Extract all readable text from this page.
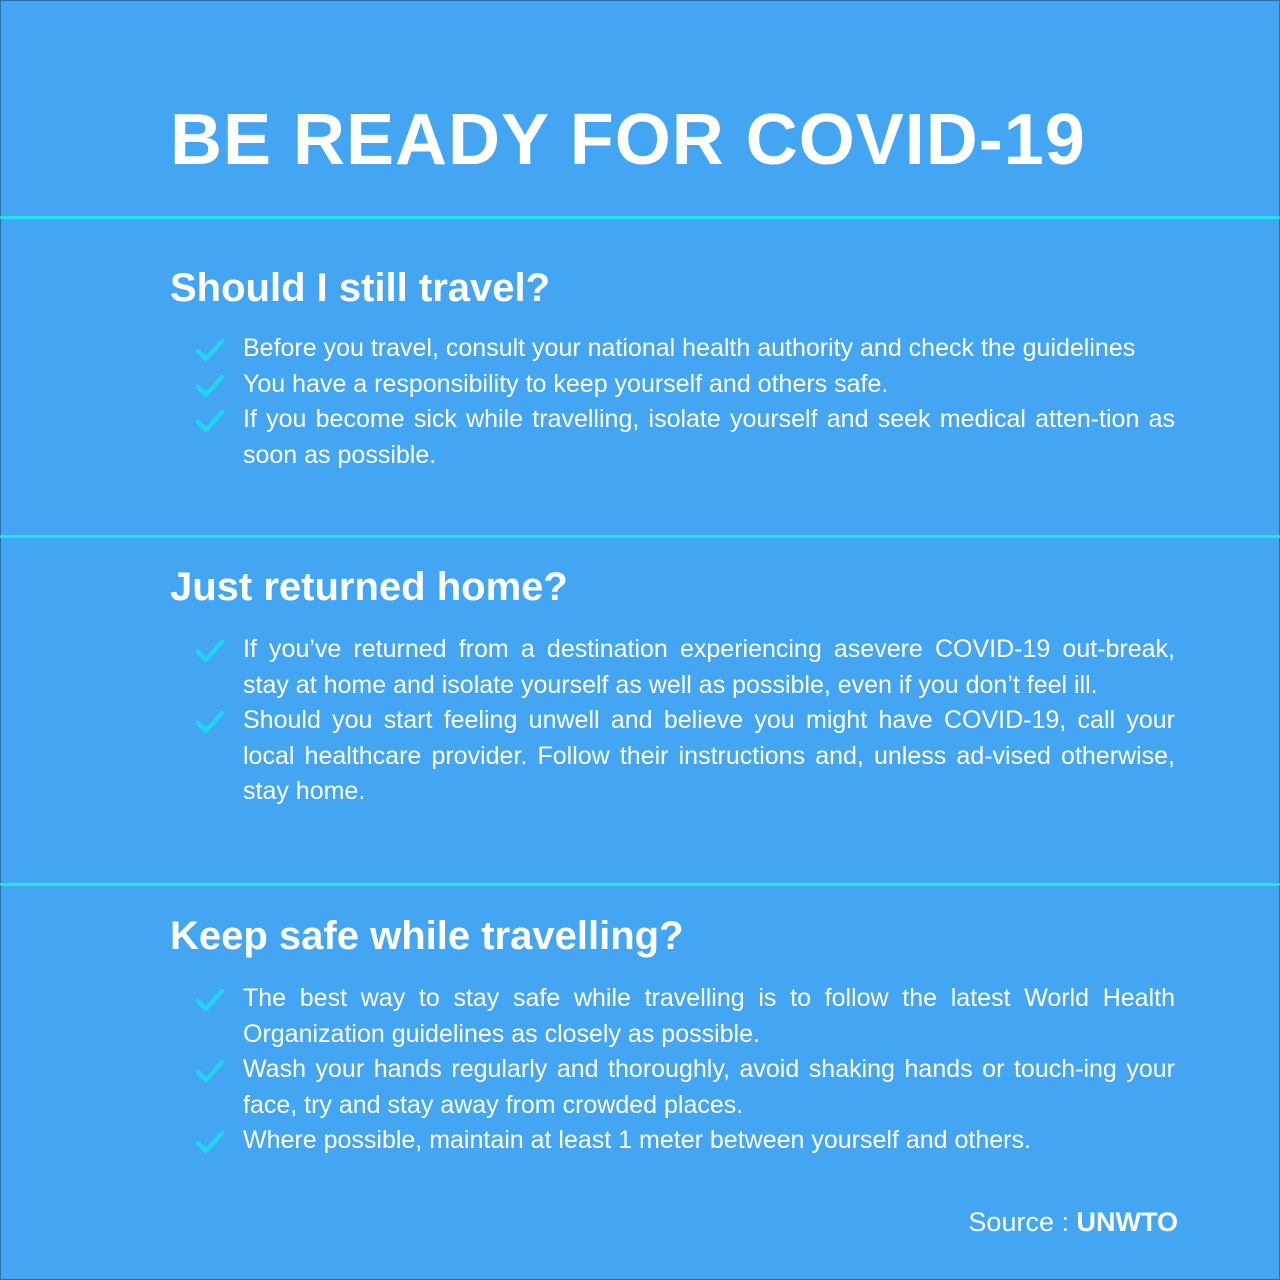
BE READY FOR COVID-19
Should I still travel?
Before you travel, consult your national health authority and check the guidelines
You have a responsibility to keep yourself and others safe.
If you become sick while travelling, isolate yourself and seek medical atten-tion as soon as possible.
Just returned home?
If you’ve returned from a destination experiencing asevere COVID-19 out-break, stay at home and isolate yourself as well as possible, even if you don’t feel ill.
Should you start feeling unwell and believe you might have COVID-19, call your local healthcare provider. Follow their instructions and, unless ad-vised otherwise, stay home.
Keep safe while travelling?
The best way to stay safe while travelling is to follow the latest World Health Organization guidelines as closely as possible.
Wash your hands regularly and thoroughly, avoid shaking hands or touch-ing your face, try and stay away from crowded places.
Where possible, maintain at least 1 meter between yourself and others.
Source : UNWTO
